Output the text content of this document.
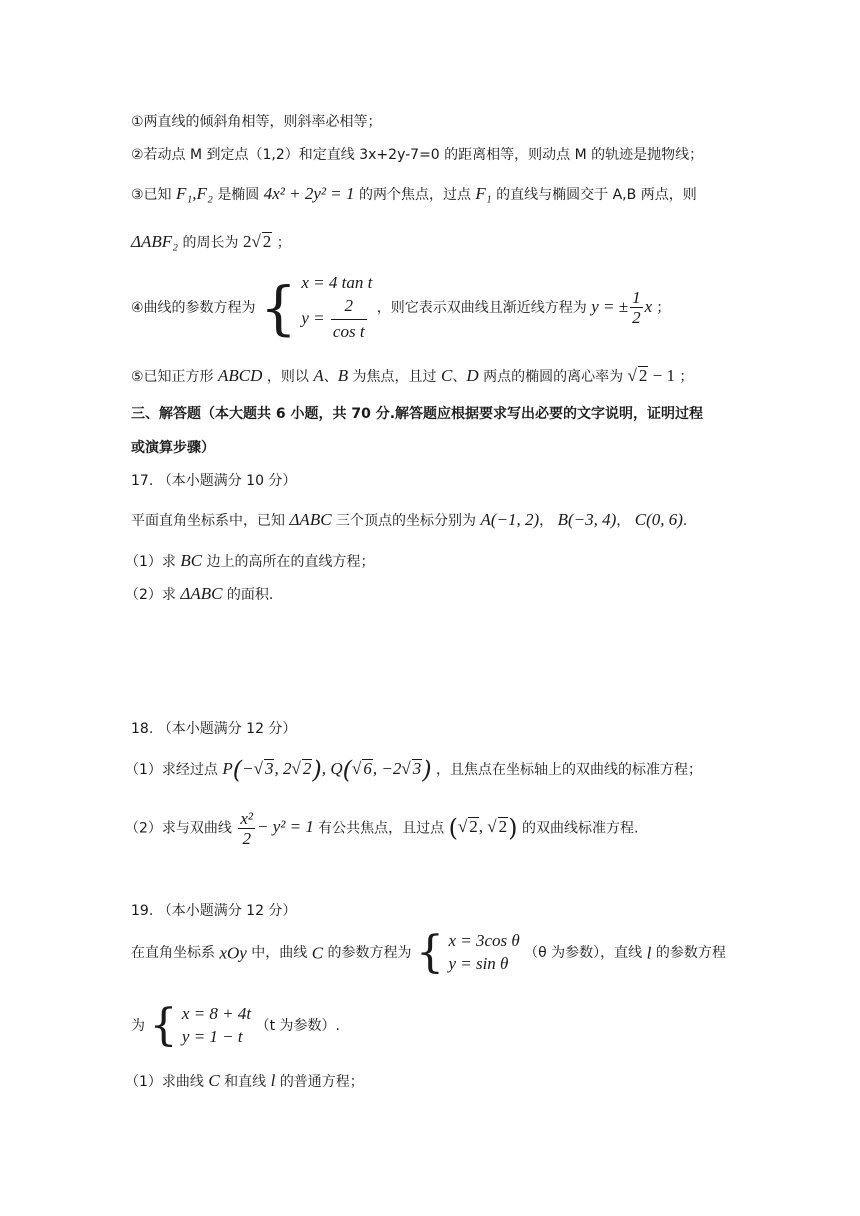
①两直线的倾斜角相等，则斜率必相等；
②若动点 M 到定点（1,2）和定直线 3x+2y-7=0 的距离相等，则动点 M 的轨迹是抛物线；
③已知 F₁,F₂ 是椭圆 4x² + 2y² = 1 的两个焦点，过点 F₁ 的直线与椭圆交于 A,B 两点，则
ΔABF₂ 的周长为 2√ 2 ；
④曲线的参数方程为 { x = 4 tan t
$y = \frac{2}{\text{cos t}}$ ，则它表示双曲线且渐近线方程为 y = ± $\frac{1}{2}$ x ；
⑤已知正方形 ABCD ，则以 A、B 为焦点，且过 C、D 两点的椭圆的离心率为 √ 2 − 1 ；
三、解答题（本大题共 6 小题，共 70 分.解答题应根据要求写出必要的文字说明，证明过程
或演算步骤）
17. （本小题满分 10 分）
平面直角坐标系中，已知 ΔABC 三个顶点的坐标分别为 A(−1, 2)， B(−3, 4)， C(0, 6).
（1）求 BC 边上的高所在的直线方程；
（2）求 ΔABC 的面积.
18. （本小题满分 12 分）
（1）求经过点 P(−√ 3, 2√ 2), Q(√ 6, −2√ 3) ，且焦点在坐标轴上的双曲线的标准方程；
（2）求与双曲线 $\frac{\text{x²}}{2} - y^2 = 1$ 有公共焦点，且过点 (√ 2, √ 2) 的双曲线标准方程.
19. （本小题满分 12 分）
在直角坐标系 xOy 中，曲线 C 的参数方程为 { x = 3cos θ
y = sin θ
（θ 为参数），直线 l 的参数方程
为 { x = 8 + 4t
y = 1 − t
（t 为参数）.
（1）求曲线 C 和直线 l 的普通方程；
